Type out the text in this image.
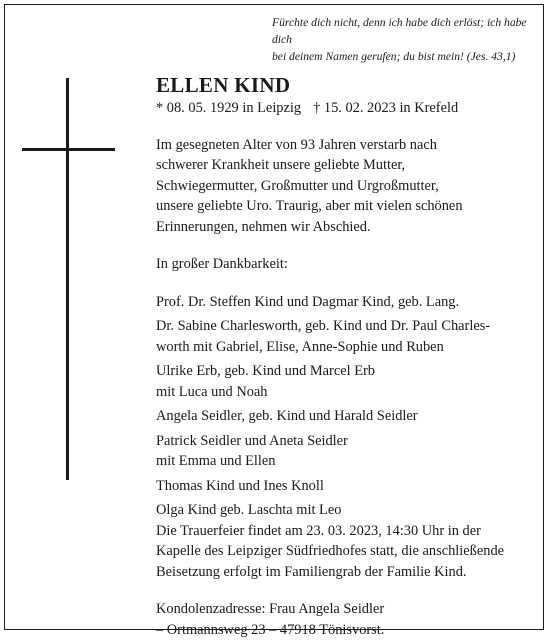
Fürchte dich nicht, denn ich habe dich erlöst; ich habe dich
bei deinem Namen gerufen; du bist mein! (Jes. 43,1)
ELLEN KIND
* 08. 05. 1929 in Leipzig † 15. 02. 2023 in Krefeld
Im gesegneten Alter von 93 Jahren verstarb nach
schwerer Krankheit unsere geliebte Mutter,
Schwiegermutter, Großmutter und Urgroßmutter,
unsere geliebte Uro. Traurig, aber mit vielen schönen
Erinnerungen, nehmen wir Abschied.
In großer Dankbarkeit:
Prof. Dr. Steffen Kind und Dagmar Kind, geb. Lang.
Dr. Sabine Charlesworth, geb. Kind und Dr. Paul Charles-
worth mit Gabriel, Elise, Anne-Sophie und Ruben
Ulrike Erb, geb. Kind und Marcel Erb
mit Luca und Noah
Angela Seidler, geb. Kind und Harald Seidler
Patrick Seidler und Aneta Seidler
mit Emma und Ellen
Thomas Kind und Ines Knoll
Olga Kind geb. Laschta mit Leo
Die Trauerfeier findet am 23. 03. 2023, 14:30 Uhr in der
Kapelle des Leipziger Südfriedhofes statt, die anschließende
Beisetzung erfolgt im Familiengrab der Familie Kind.
Kondolenzadresse: Frau Angela Seidler
– Ortmannsweg 23 – 47918 Tönisvorst.
